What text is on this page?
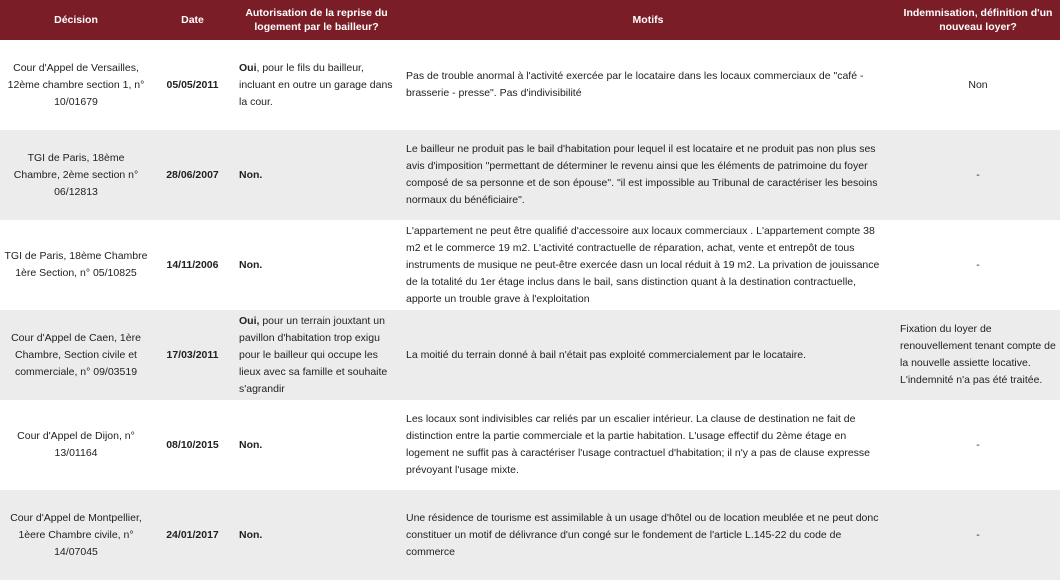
Décision	Date	Autorisation de la reprise du logement par le bailleur?	Motifs	Indemnisation, définition d'un nouveau loyer?
Cour d'Appel de Versailles, 12ème chambre section 1, n° 10/01679	05/05/2011	Oui, pour le fils du bailleur, incluant en outre un garage dans la cour.	Pas de trouble anormal à l'activité exercée par le locataire dans les locaux commerciaux de "café - brasserie - presse". Pas d'indivisibilité	Non
TGI de Paris, 18ème Chambre, 2ème section n° 06/12813	28/06/2007	Non.	Le bailleur ne produit pas le bail d'habitation pour lequel il est locataire et ne produit pas non plus ses avis d'imposition "permettant de déterminer le revenu ainsi que les éléments de patrimoine du foyer composé de sa personne et de son épouse". "il est impossible au Tribunal de caractériser les besoins normaux du bénéficiaire".	-
TGI de Paris, 18ème Chambre 1ère Section, n° 05/10825	14/11/2006	Non.	L'appartement ne peut être qualifié d'accessoire aux locaux commerciaux . L'appartement compte 38 m2 et le commerce 19 m2. L'activité contractuelle de réparation, achat, vente et entrepôt de tous instruments de musique ne peut-être exercée dasn un local réduit à 19 m2. La privation de jouissance de la totalité du 1er étage inclus dans le bail, sans distinction quant à la destination contractuelle, apporte un trouble grave à l'exploitation	-
Cour d'Appel de Caen, 1ère Chambre, Section civile et commerciale, n° 09/03519	17/03/2011	Oui, pour un terrain jouxtant un pavillon d'habitation trop exigu pour le bailleur qui occupe les lieux avec sa famille et souhaite s'agrandir	La moitié du terrain donné à bail n'était pas exploité commercialement par le locataire.	Fixation du loyer de renouvellement tenant compte de la nouvelle assiette locative. L'indemnité n'a pas été traitée.
Cour d'Appel de Dijon, n° 13/01164	08/10/2015	Non.	Les locaux sont indivisibles car reliés par un escalier intérieur. La clause de destination ne fait de distinction entre la partie commerciale et la partie habitation. L'usage effectif du 2ème étage en logement ne suffit pas à caractériser l'usage contractuel d'habitation; il n'y a pas de clause expresse prévoyant l'usage mixte.	-
Cour d'Appel de Montpellier, 1èere Chambre civile, n° 14/07045	24/01/2017	Non.	Une résidence de tourisme est assimilable à un usage d'hôtel ou de location meublée et ne peut donc constituer un motif de délivrance d'un congé sur le fondement de l'article L.145-22 du code de commerce	-
